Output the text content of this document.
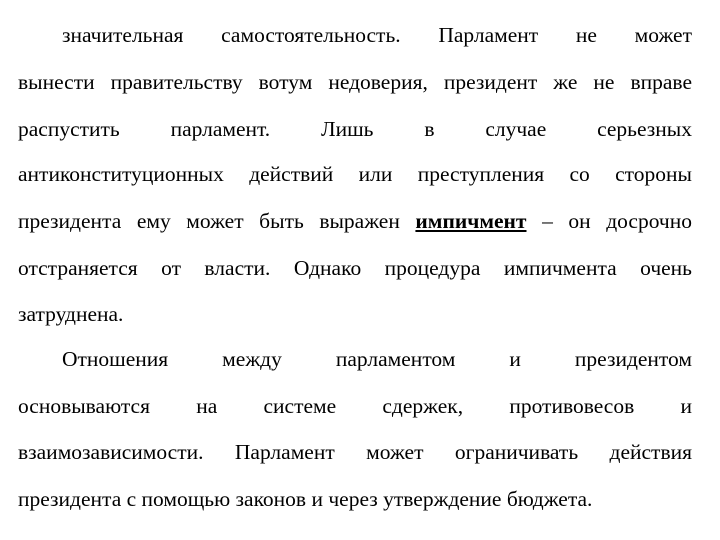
значительная самостоятельность. Парламент не может
вынести правительству вотум недоверия, президент же не вправе
распустить парламент. Лишь в случае серьезных
антиконституционных действий или преступления со стороны
президента ему может быть выражен импичмент – он досрочно
отстраняется от власти. Однако процедура импичмента очень
затруднена.
Отношения между парламентом и президентом
основываются на системе сдержек, противовесов и
взаимозависимости. Парламент может ограничивать действия
президента с помощью законов и через утверждение бюджета.
